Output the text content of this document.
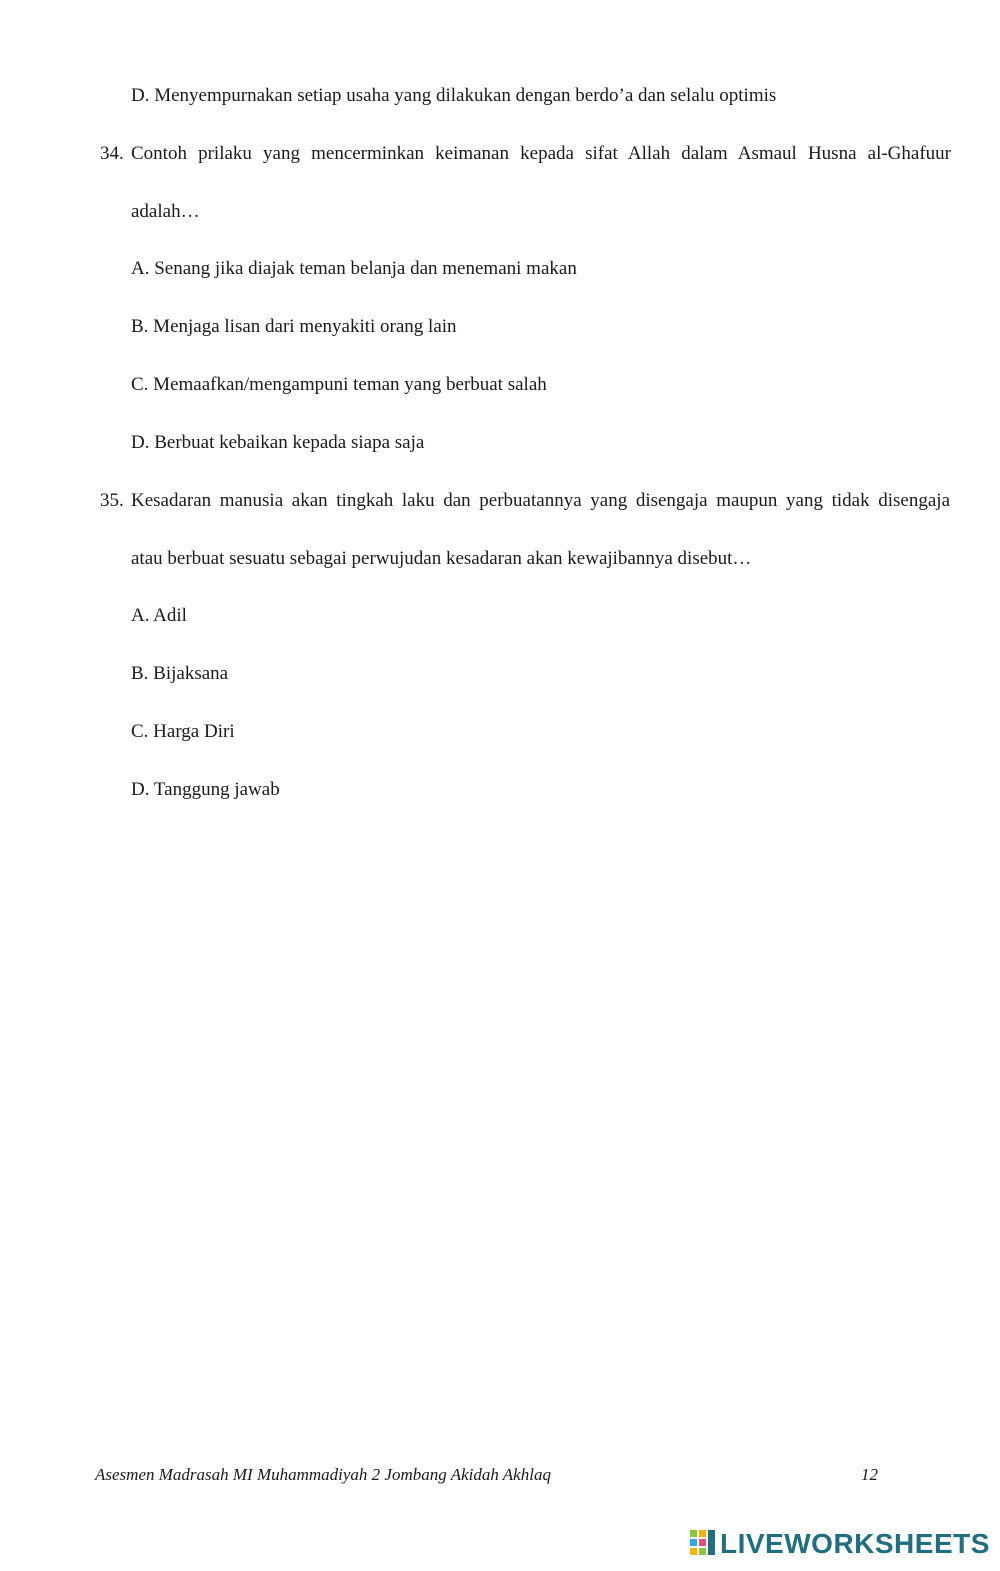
D. Menyempurnakan setiap usaha yang dilakukan dengan berdo’a dan selalu optimis
34. Contoh prilaku yang mencerminkan keimanan kepada sifat Allah dalam Asmaul Husna al-Ghafuur
adalah…
A. Senang jika diajak teman belanja dan menemani makan
B. Menjaga lisan dari menyakiti orang lain
C. Memaafkan/mengampuni teman yang berbuat salah
D. Berbuat kebaikan kepada siapa saja
35. Kesadaran manusia akan tingkah laku dan perbuatannya yang disengaja maupun yang tidak disengaja
atau berbuat sesuatu sebagai perwujudan kesadaran akan kewajibannya disebut…
A. Adil
B. Bijaksana
C. Harga Diri
D. Tanggung jawab
Asesmen Madrasah MI Muhammadiyah 2 Jombang Akidah Akhlaq	12
LIVEWORKSHEETS
